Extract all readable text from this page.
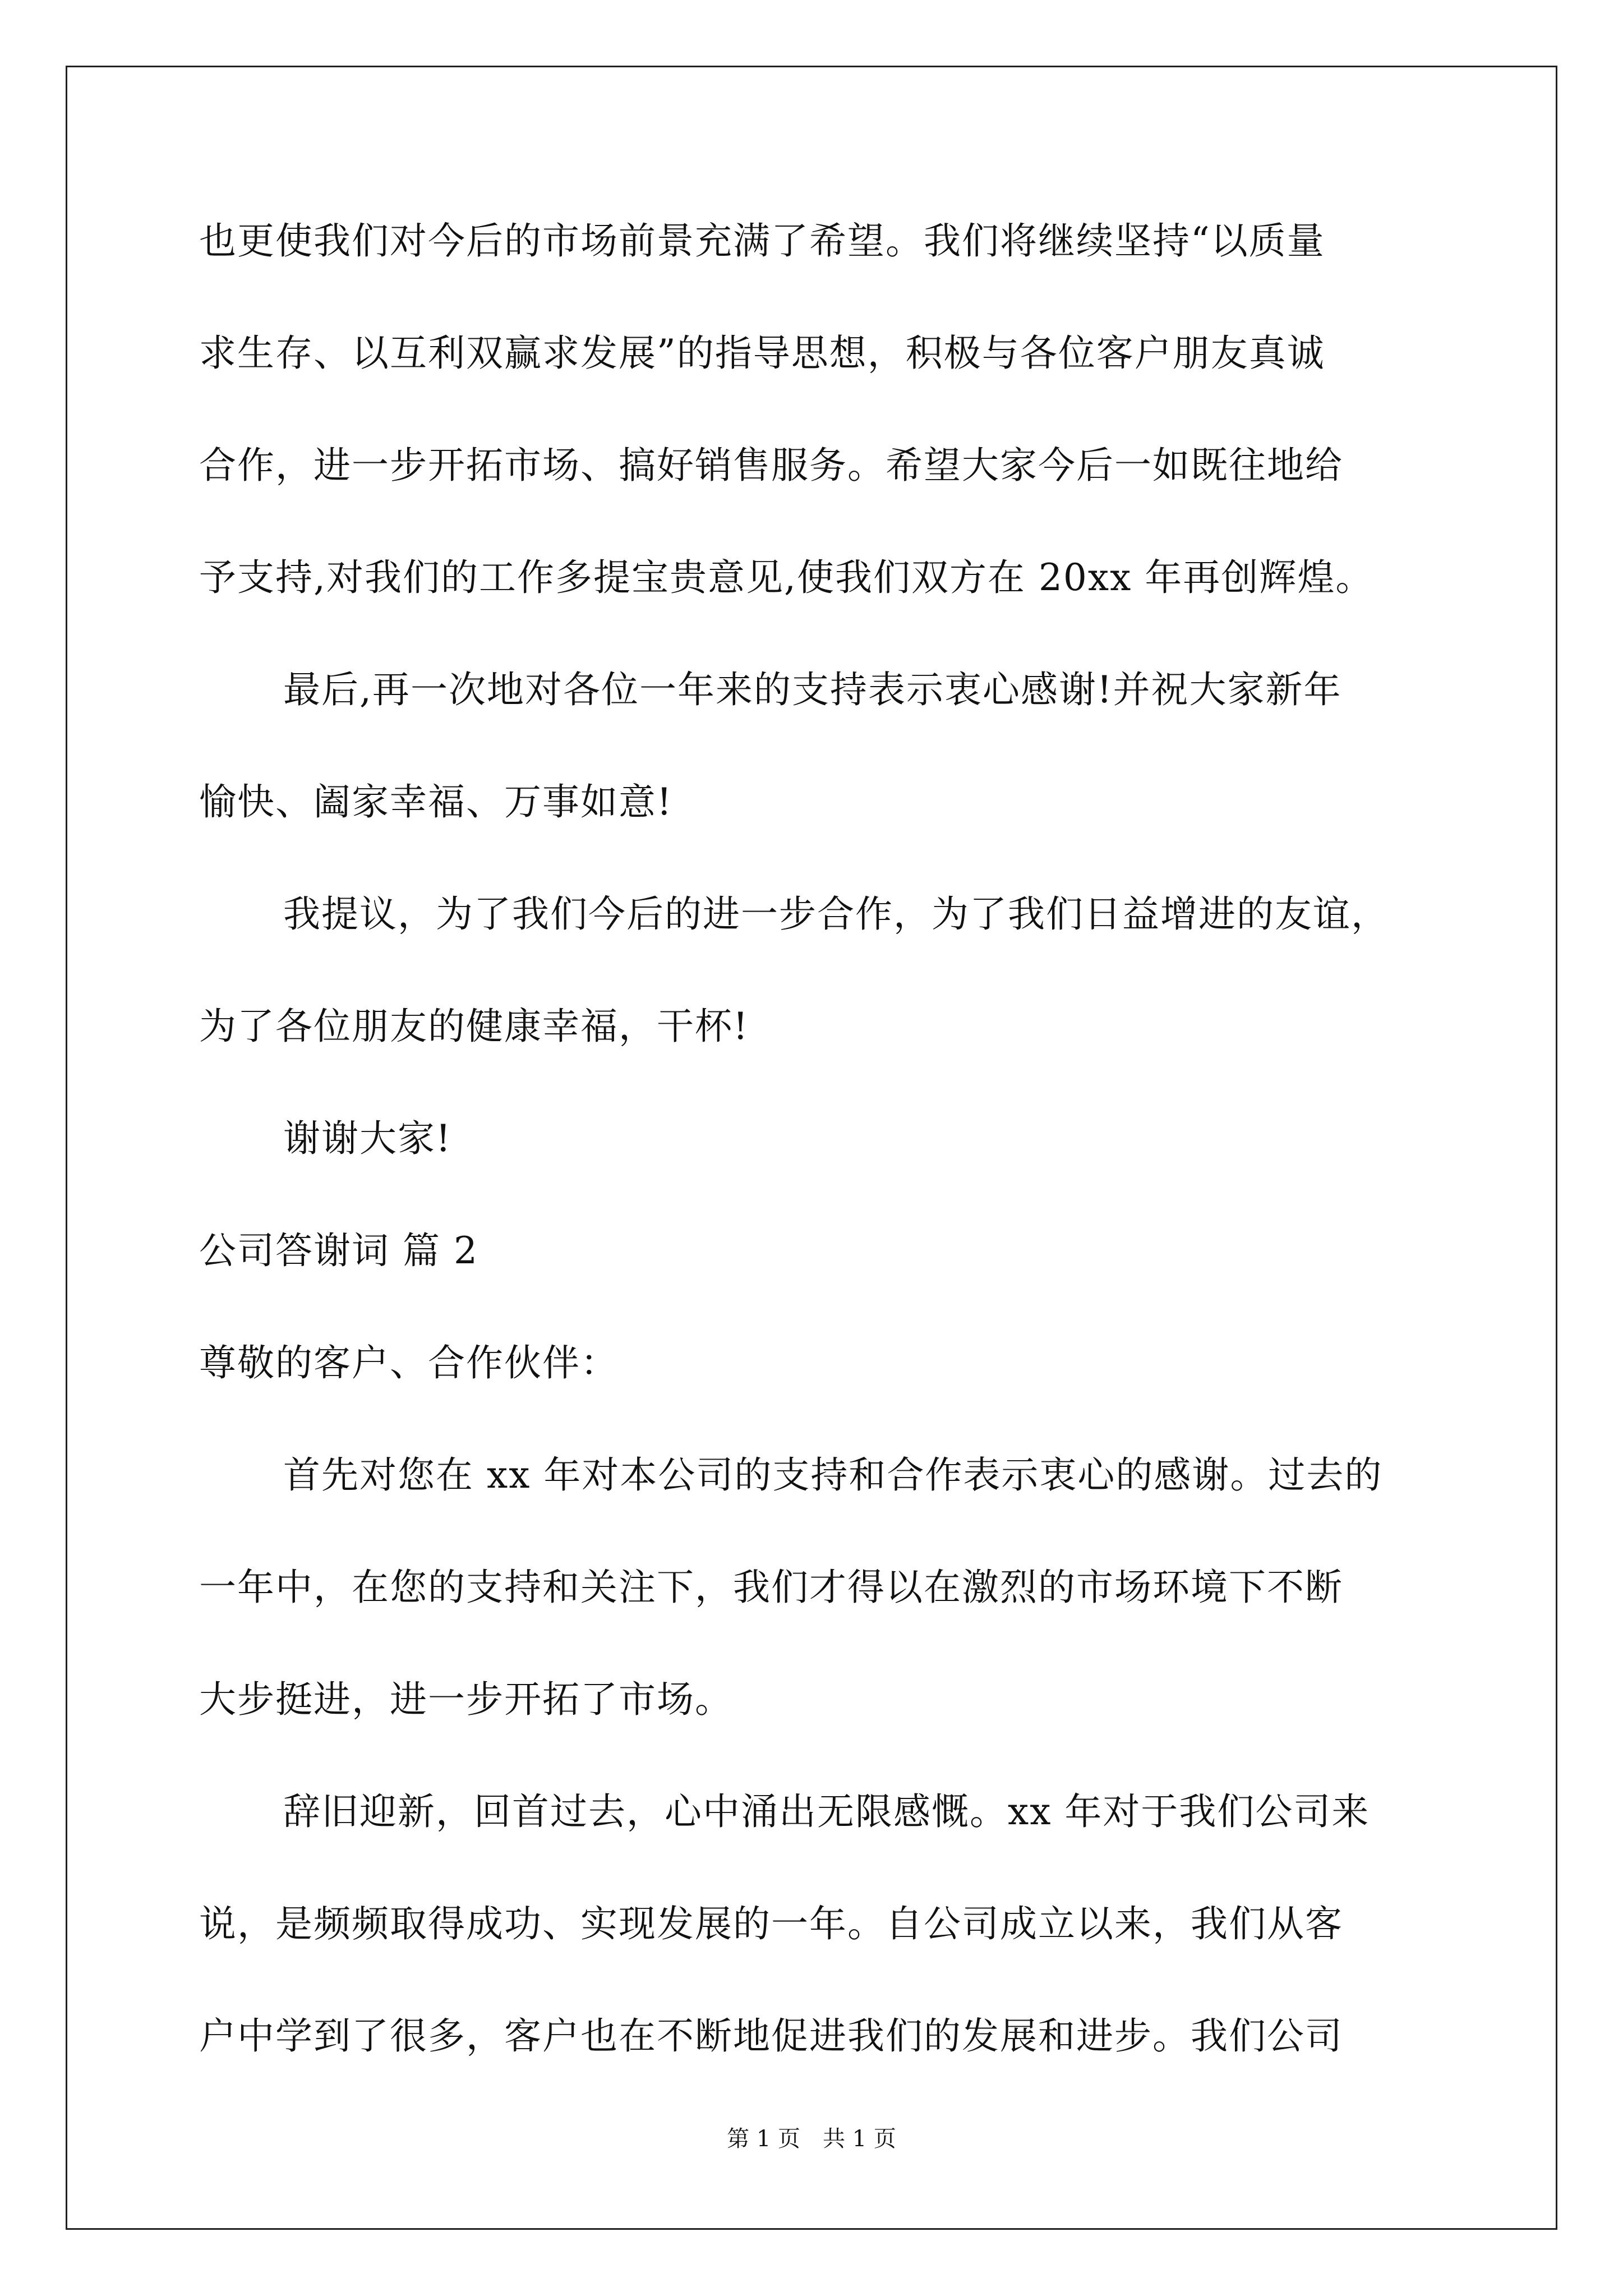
也更使我们对今后的市场前景充满了希望。我们将继续坚持“以质量
求生存、以互利双赢求发展”的指导思想，积极与各位客户朋友真诚
合作，进一步开拓市场、搞好销售服务。希望大家今后一如既往地给
予支持,对我们的工作多提宝贵意见,使我们双方在 20xx 年再创辉煌。
最后,再一次地对各位一年来的支持表示衷心感谢!并祝大家新年
愉快、阖家幸福、万事如意!
我提议，为了我们今后的进一步合作，为了我们日益增进的友谊，
为了各位朋友的健康幸福，干杯!
谢谢大家!
公司答谢词 篇 2
尊敬的客户、合作伙伴：
首先对您在 xx 年对本公司的支持和合作表示衷心的感谢。过去的
一年中，在您的支持和关注下，我们才得以在激烈的市场环境下不断
大步挺进，进一步开拓了市场。
辞旧迎新，回首过去，心中涌出无限感慨。xx 年对于我们公司来
说，是频频取得成功、实现发展的一年。自公司成立以来，我们从客
户中学到了很多，客户也在不断地促进我们的发展和进步。我们公司
第 1 页　共 1 页
